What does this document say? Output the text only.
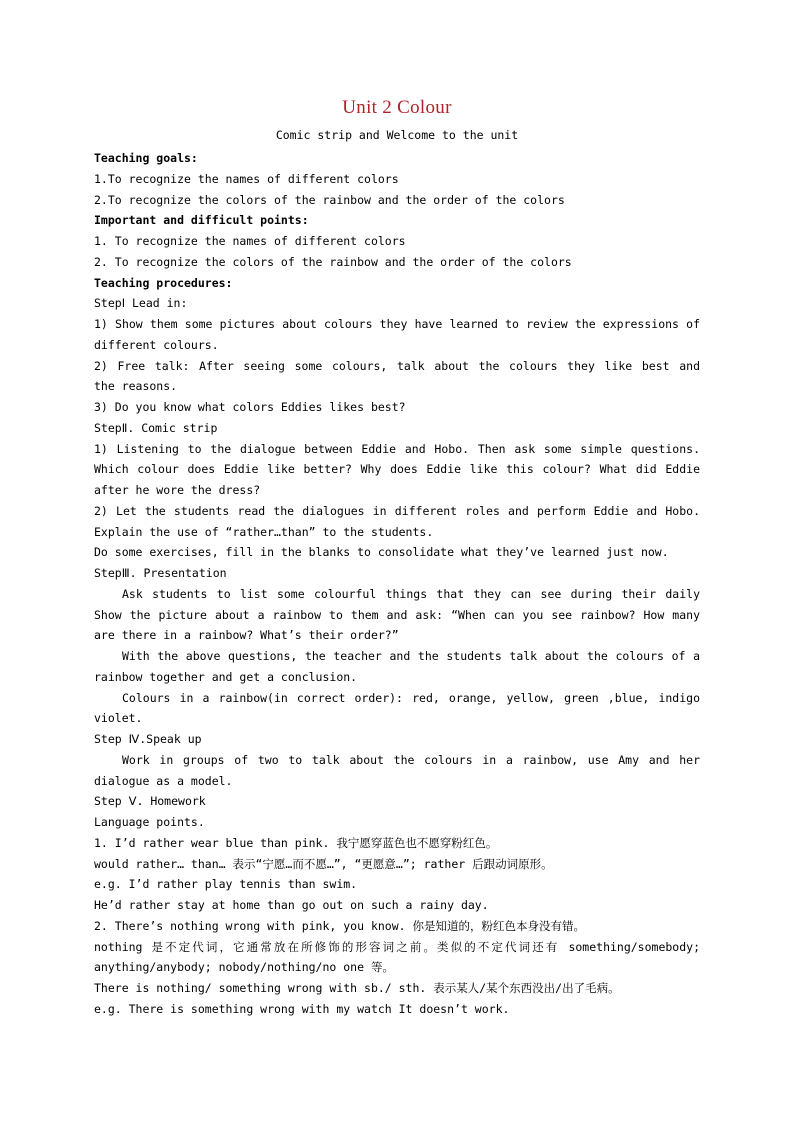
Unit 2 Colour
Comic strip and Welcome to the unit
Teaching goals:
1.To recognize the names of different colors
2.To recognize the colors of the rainbow and the order of the colors
Important and difficult points:
1. To recognize the names of different colors
2. To recognize the colors of the rainbow and the order of the colors
Teaching procedures:
StepⅠ Lead in:
1) Show them some pictures about colours they have learned to review the expressions of
different colours.
2) Free talk: After seeing some colours, talk about the colours they like best and
the reasons.
3) Do you know what colors Eddies likes best?
StepⅡ. Comic strip
1) Listening to the dialogue between Eddie and Hobo. Then ask some simple questions.
Which colour does Eddie like better? Why does Eddie like this colour? What did Eddie
after he wore the dress?
2) Let the students read the dialogues in different roles and perform Eddie and Hobo.
Explain the use of “rather…than” to the students.
Do some exercises, fill in the blanks to consolidate what they’ve learned just now.
StepⅢ. Presentation
Ask students to list some colourful things that they can see during their daily
Show the picture about a rainbow to them and ask: “When can you see rainbow? How many
are there in a rainbow? What’s their order?”
With the above questions, the teacher and the students talk about the colours of a
rainbow together and get a conclusion.
Colours in a rainbow(in correct order): red, orange, yellow, green ,blue, indigo
violet.
Step Ⅳ.Speak up
Work in groups of two to talk about the colours in a rainbow, use Amy and her
dialogue as a model.
Step Ⅴ. Homework
Language points.
1. I’d rather wear blue than pink. 我宁愿穿蓝色也不愿穿粉红色。
would rather… than… 表示“宁愿…而不愿…”, “更愿意…”; rather 后跟动词原形。
e.g. I’d rather play tennis than swim.
He’d rather stay at home than go out on such a rainy day.
2. There’s nothing wrong with pink, you know. 你是知道的，粉红色本身没有错。
nothing 是不定代词，它通常放在所修饰的形容词之前。类似的不定代词还有 something/somebody;
anything/anybody; nobody/nothing/no one 等。
There is nothing/ something wrong with sb./ sth. 表示某人/某个东西没出/出了毛病。
e.g. There is something wrong with my watch It doesn’t work.
